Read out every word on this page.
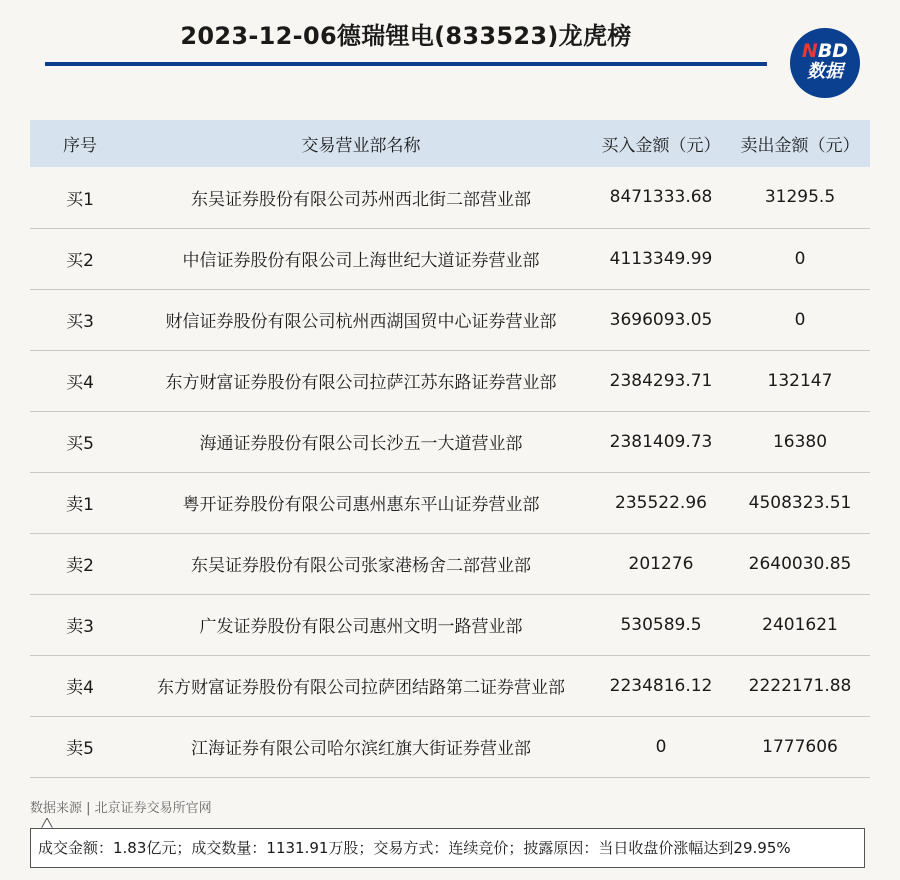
2023-12-06德瑞锂电(833523)龙虎榜
NBD
数据
序号	交易营业部名称	买入金额（元）	卖出金额（元）
买1	东吴证券股份有限公司苏州西北街二部营业部	8471333.68	31295.5
买2	中信证券股份有限公司上海世纪大道证券营业部	4113349.99	0
买3	财信证券股份有限公司杭州西湖国贸中心证券营业部	3696093.05	0
买4	东方财富证券股份有限公司拉萨江苏东路证券营业部	2384293.71	132147
买5	海通证券股份有限公司长沙五一大道营业部	2381409.73	16380
卖1	粤开证券股份有限公司惠州惠东平山证券营业部	235522.96	4508323.51
卖2	东吴证券股份有限公司张家港杨舍二部营业部	201276	2640030.85
卖3	广发证券股份有限公司惠州文明一路营业部	530589.5	2401621
卖4	东方财富证券股份有限公司拉萨团结路第二证券营业部	2234816.12	2222171.88
卖5	江海证券有限公司哈尔滨红旗大街证券营业部	0	1777606
数据来源 | 北京证券交易所官网
成交金额：1.83亿元；成交数量：1131.91万股；交易方式：连续竞价；披露原因：当日收盘价涨幅达到29.95%
